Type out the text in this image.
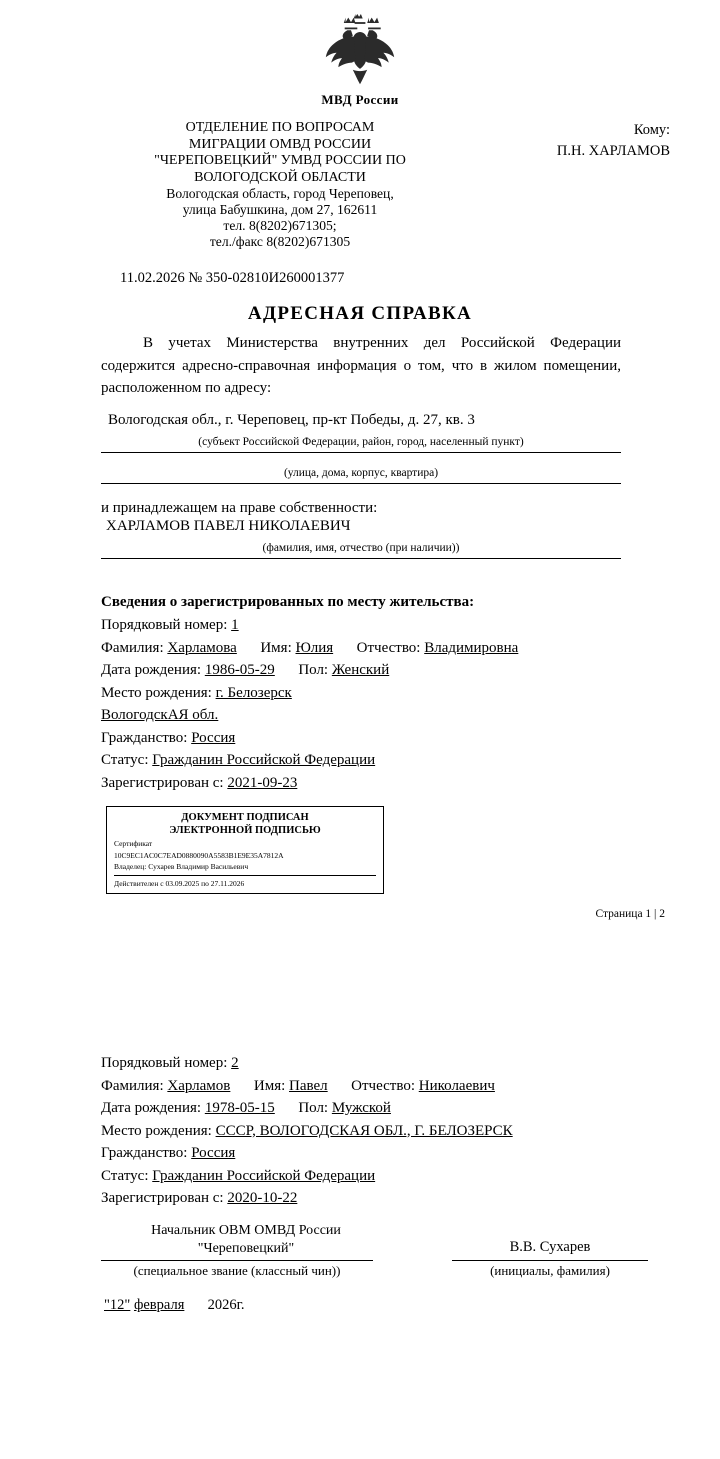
МВД России
ОТДЕЛЕНИЕ ПО ВОПРОСАМ
МИГРАЦИИ ОМВД РОССИИ
"ЧЕРЕПОВЕЦКИЙ" УМВД РОССИИ ПО
ВОЛОГОДСКОЙ ОБЛАСТИ
Вологодская область, город Череповец,
улица Бабушкина, дом 27, 162611
тел. 8(8202)671305;
тел./факс 8(8202)671305
Кому:
П.Н. ХАРЛАМОВ
11.02.2026 № 350-02810И260001377
АДРЕСНАЯ СПРАВКА
В учетах Министерства внутренних дел Российской Федерации содержится адресно-справочная информация о том, что в жилом помещении, расположенном по адресу:
Вологодская обл., г. Череповец, пр-кт Победы, д. 27, кв. 3
(субъект Российской Федерации, район, город, населенный пункт)
(улица, дома, корпус, квартира)
и принадлежащем на праве собственности:
ХАРЛАМОВ ПАВЕЛ НИКОЛАЕВИЧ
(фамилия, имя, отчество (при наличии))
Сведения о зарегистрированных по месту жительства:
Порядковый номер: 1
Фамилия: Харламова Имя: Юлия Отчество: Владимировна
Дата рождения: 1986-05-29 Пол: Женский
Место рождения: г. Белозерск
ВологодскАЯ обл.
Гражданство: Россия
Статус: Гражданин Российской Федерации
Зарегистрирован с: 2021-09-23
ДОКУМЕНТ ПОДПИСАН
ЭЛЕКТРОННОЙ ПОДПИСЬЮ
Сертификат
10C9EC1AC0C7EAD0880090A5583B1E9E35A7812A
Владелец: Сухарев Владимир Васильевич
Действителен с 03.09.2025 по 27.11.2026
Страница 1 | 2
Порядковый номер: 2
Фамилия: Харламов Имя: Павел Отчество: Николаевич
Дата рождения: 1978-05-15 Пол: Мужской
Место рождения: СССР, ВОЛОГОДСКАЯ ОБЛ., Г. БЕЛОЗЕРСК
Гражданство: Россия
Статус: Гражданин Российской Федерации
Зарегистрирован с: 2020-10-22
Начальник ОВМ ОМВД России
"Череповецкий"
(специальное звание (классный чин))
В.В. Сухарев
(инициалы, фамилия)
"12" февраля 2026г.
